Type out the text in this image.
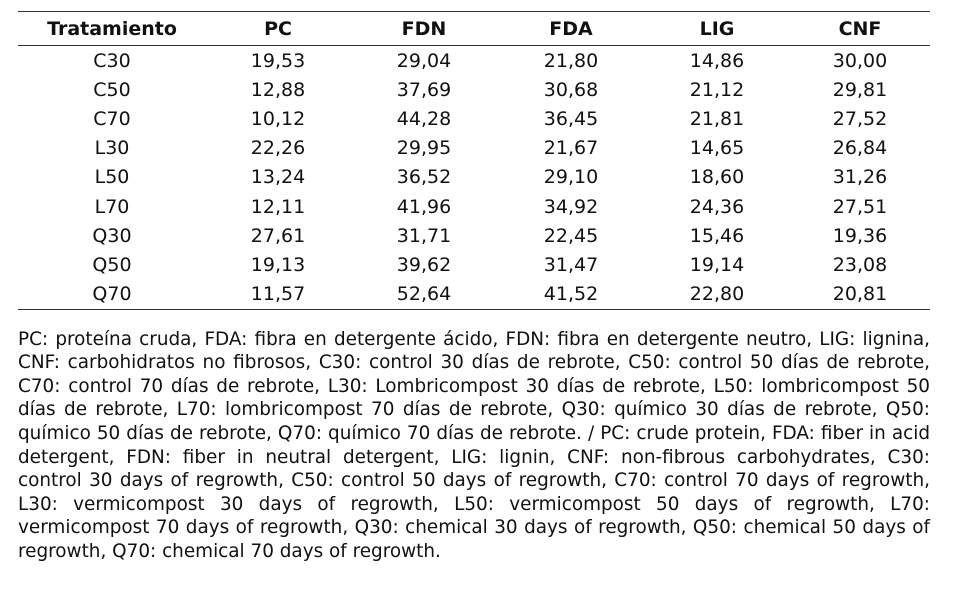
Tratamiento	PC	FDN	FDA	LIG	CNF
C30	19,53	29,04	21,80	14,86	30,00
C50	12,88	37,69	30,68	21,12	29,81
C70	10,12	44,28	36,45	21,81	27,52
L30	22,26	29,95	21,67	14,65	26,84
L50	13,24	36,52	29,10	18,60	31,26
L70	12,11	41,96	34,92	24,36	27,51
Q30	27,61	31,71	22,45	15,46	19,36
Q50	19,13	39,62	31,47	19,14	23,08
Q70	11,57	52,64	41,52	22,80	20,81

PC: proteína cruda, FDA: fibra en detergente ácido, FDN: fibra en detergente neutro, LIG: lignina, CNF: carbohidratos no fibrosos, C30: control 30 días de rebrote, C50: control 50 días de rebrote, C70: control 70 días de rebrote, L30: Lombricompost 30 días de rebrote, L50: lombricompost 50 días de rebrote, L70: lombricompost 70 días de rebrote, Q30: químico 30 días de rebrote, Q50: químico 50 días de rebrote, Q70: químico 70 días de rebrote. / PC: crude protein, FDA: fiber in acid detergent, FDN: fiber in neutral detergent, LIG: lignin, CNF: non-fibrous carbohydrates, C30: control 30 days of regrowth, C50: control 50 days of regrowth, C70: control 70 days of regrowth, L30: vermicompost 30 days of regrowth, L50: vermicompost 50 days of regrowth, L70: vermicompost 70 days of regrowth, Q30: chemical 30 days of regrowth, Q50: chemical 50 days of regrowth, Q70: chemical 70 days of regrowth.
